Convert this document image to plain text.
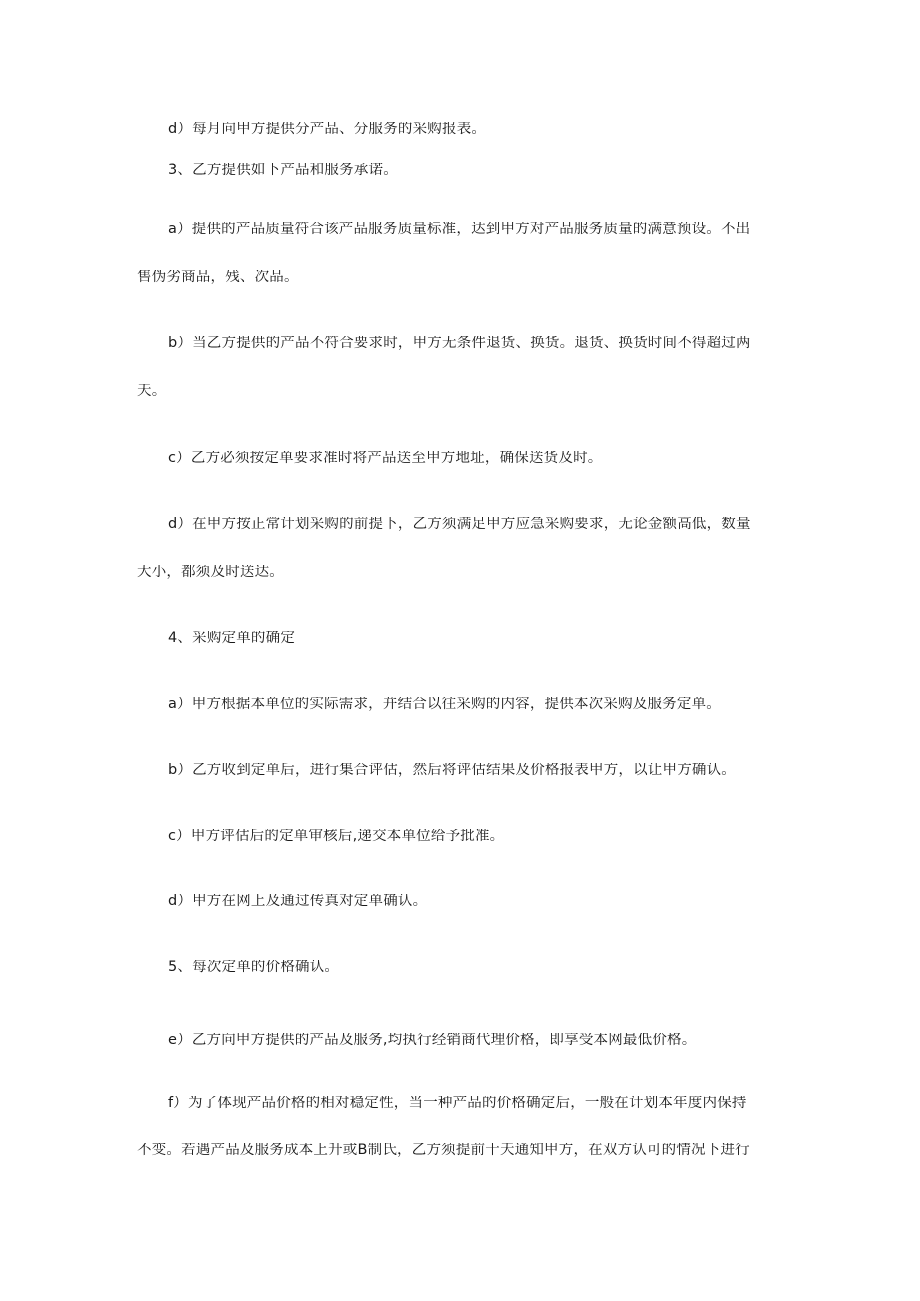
d）每月向甲方提供分产品、分服务的采购报表。
3、乙方提供如下产品和服务承诺。
a）提供的产品质量符合该产品服务质量标准，达到甲方对产品服务质量的满意预设。不出
售伪劣商品，残、次品。
b）当乙方提供的产品不符合要求时，甲方无条件退货、换货。退货、换货时间不得超过两
天。
c）乙方必须按定单要求准时将产品送至甲方地址，确保送货及时。
d）在甲方按正常计划采购的前提下，乙方须满足甲方应急采购要求，无论金额高低，数量
大小，都须及时送达。
4、采购定单的确定
a）甲方根据本单位的实际需求，并结合以往采购的内容，提供本次采购及服务定单。
b）乙方收到定单后，进行集合评估，然后将评估结果及价格报表甲方，以让甲方确认。
c）甲方评估后的定单审核后,递交本单位给予批准。
d）甲方在网上及通过传真对定单确认。
5、每次定单的价格确认。
e）乙方向甲方提供的产品及服务,均执行经销商代理价格，即享受本网最低价格。
f）为了体现产品价格的相对稳定性，当一种产品的价格确定后，一般在计划本年度内保持
不变。若遇产品及服务成本上升或B制氏，乙方须提前十天通知甲方，在双方认可的情况下进行
